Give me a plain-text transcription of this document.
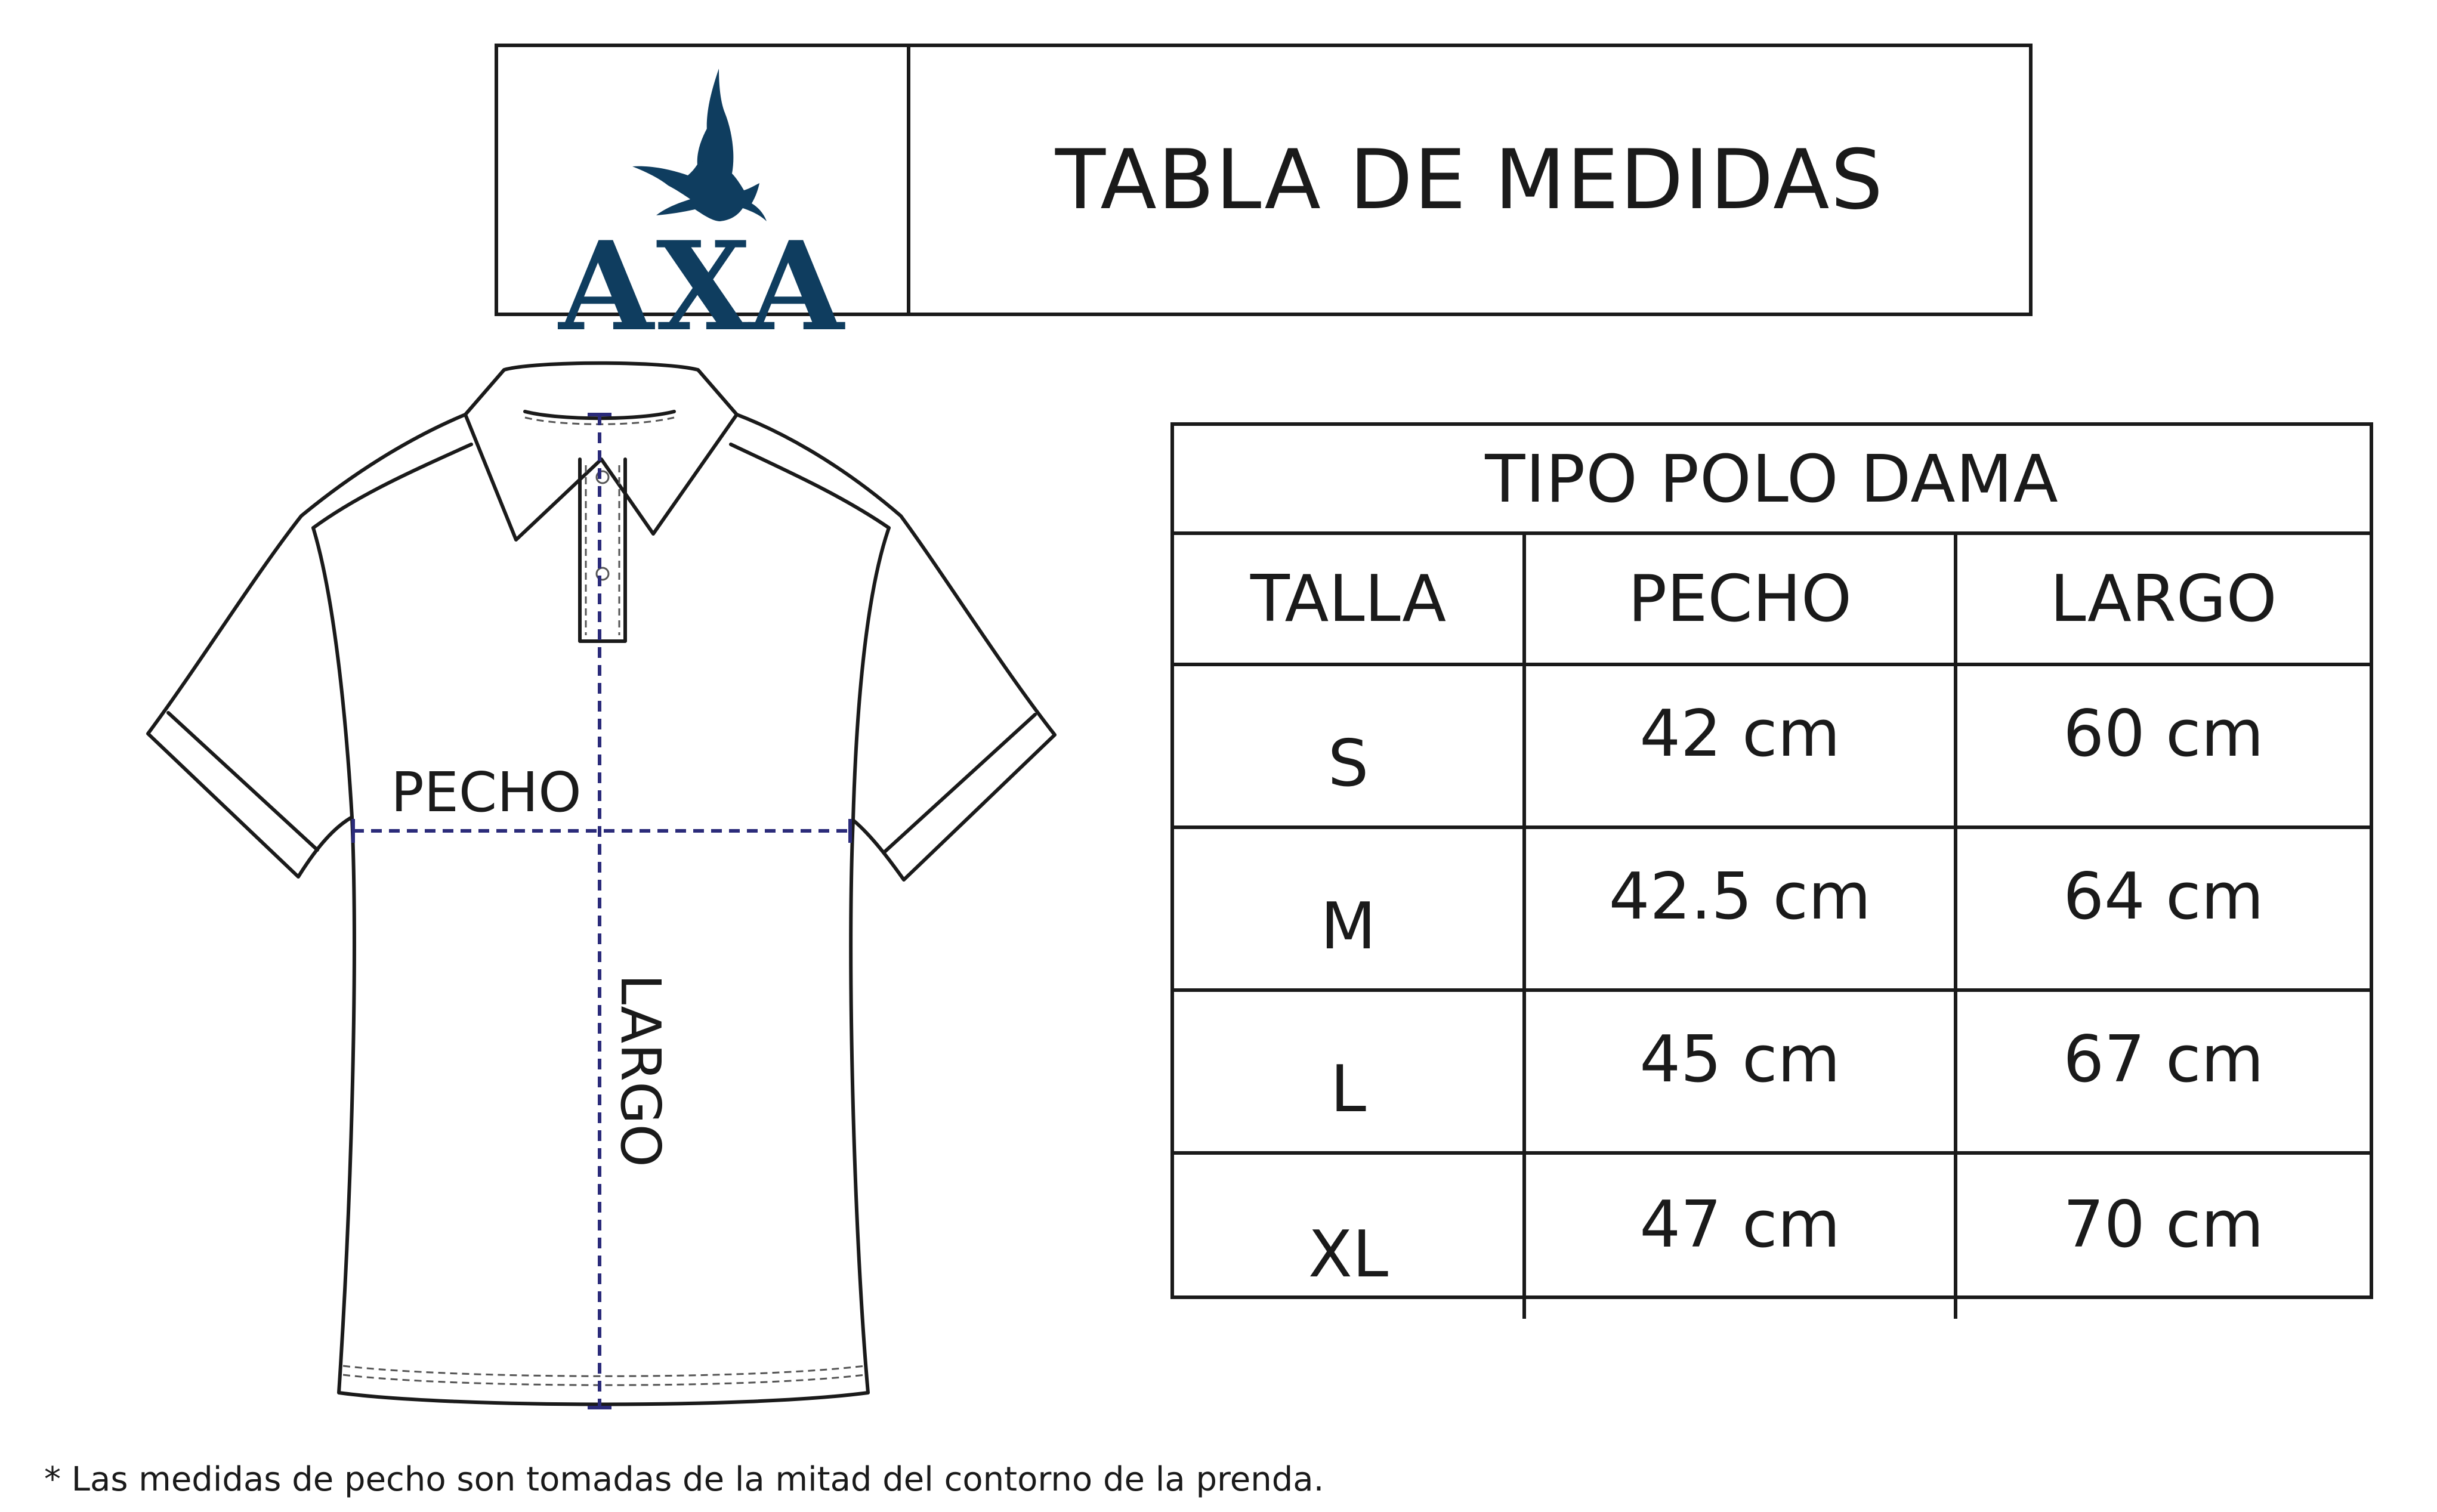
AXA
TABLA DE MEDIDAS
PECHO
LARGO
TIPO POLO DAMA
TALLA	PECHO	LARGO
S	42 cm	60 cm
M	42.5 cm	64 cm
L	45 cm	67 cm
XL	47 cm	70 cm
* Las medidas de pecho son tomadas de la mitad del contorno de la prenda.
